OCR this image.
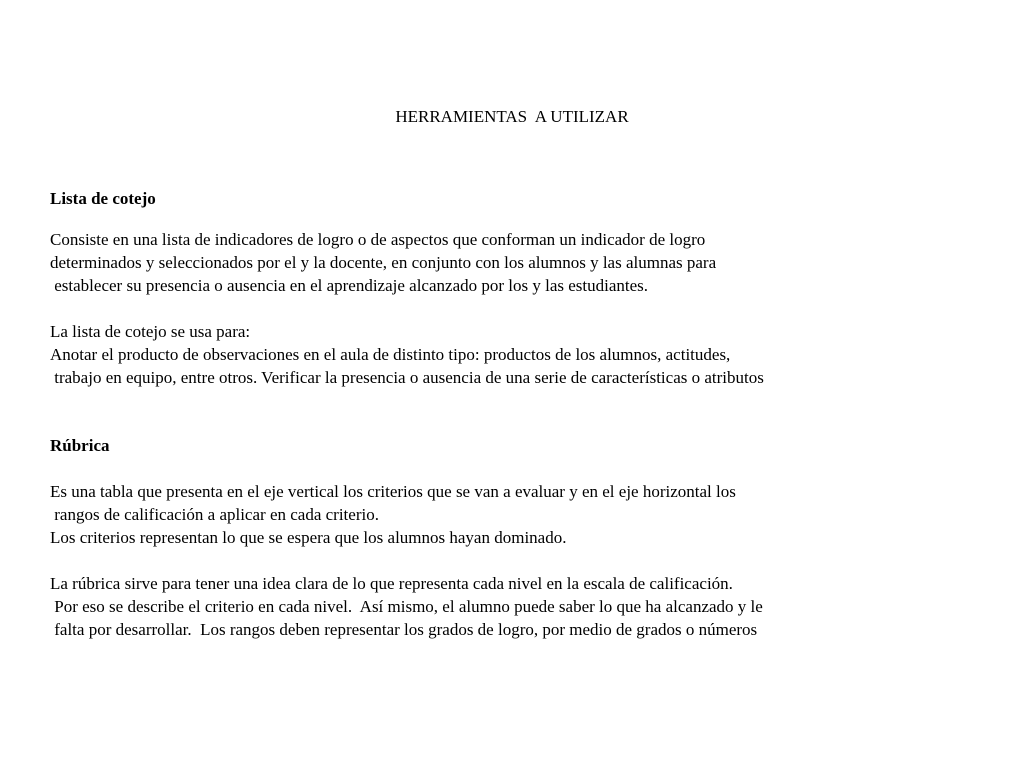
HERRAMIENTAS  A UTILIZAR
Lista de cotejo
Consiste en una lista de indicadores de logro o de aspectos que conforman un indicador de logro
determinados y seleccionados por el y la docente, en conjunto con los alumnos y las alumnas para
establecer su presencia o ausencia en el aprendizaje alcanzado por los y las estudiantes.
La lista de cotejo se usa para:
Anotar el producto de observaciones en el aula de distinto tipo: productos de los alumnos, actitudes,
trabajo en equipo, entre otros. Verificar la presencia o ausencia de una serie de características o atributos
Rúbrica
Es una tabla que presenta en el eje vertical los criterios que se van a evaluar y en el eje horizontal los
rangos de calificación a aplicar en cada criterio.
Los criterios representan lo que se espera que los alumnos hayan dominado.
La rúbrica sirve para tener una idea clara de lo que representa cada nivel en la escala de calificación.
Por eso se describe el criterio en cada nivel.  Así mismo, el alumno puede saber lo que ha alcanzado y le
falta por desarrollar.  Los rangos deben representar los grados de logro, por medio de grados o números
